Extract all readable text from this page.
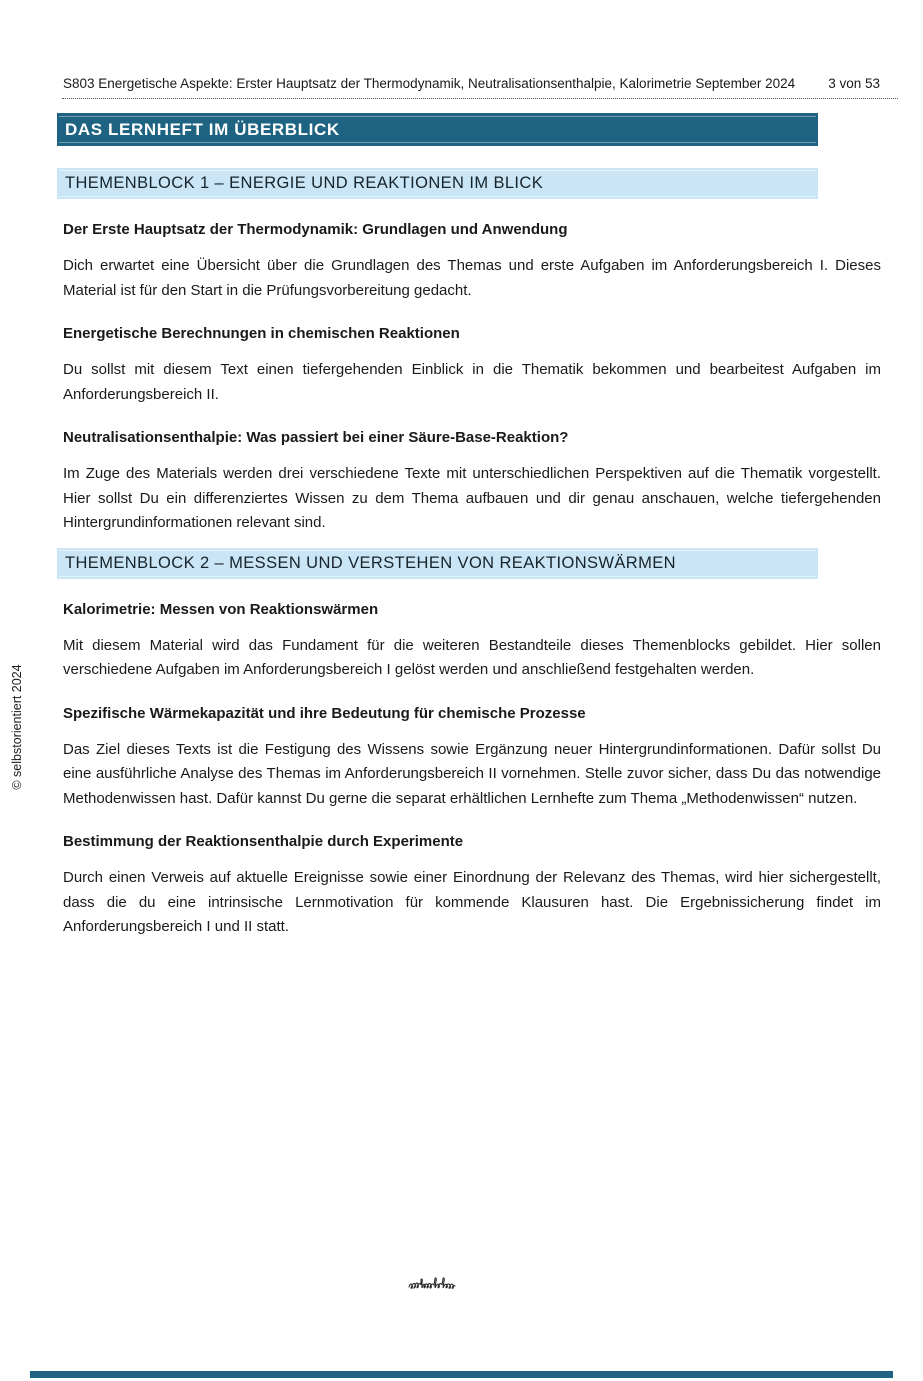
S803 Energetische Aspekte: Erster Hauptsatz der Thermodynamik, Neutralisationsenthalpie, Kalorimetrie September 2024 3 von 53
© selbstorientiert 2024
DAS LERNHEFT IM ÜBERBLICK
THEMENBLOCK 1 – ENERGIE UND REAKTIONEN IM BLICK
Der Erste Hauptsatz der Thermodynamik: Grundlagen und Anwendung

Dich erwartet eine Übersicht über die Grundlagen des Themas und erste Aufgaben im Anforderungsbereich I. Dieses Material ist für den Start in die Prüfungsvorbereitung gedacht.

Energetische Berechnungen in chemischen Reaktionen

Du sollst mit diesem Text einen tiefergehenden Einblick in die Thematik bekommen und bearbeitest Aufgaben im Anforderungsbereich II.

Neutralisationsenthalpie: Was passiert bei einer Säure-Base-Reaktion?

Im Zuge des Materials werden drei verschiedene Texte mit unterschiedlichen Perspektiven auf die Thematik vorgestellt. Hier sollst Du ein differenziertes Wissen zu dem Thema aufbauen und dir genau anschauen, welche tiefergehenden Hintergrundinformationen relevant sind.

THEMENBLOCK 2 – MESSEN UND VERSTEHEN VON REAKTIONSWÄRMEN
Kalorimetrie: Messen von Reaktionswärmen

Mit diesem Material wird das Fundament für die weiteren Bestandteile dieses Themenblocks gebildet. Hier sollen verschiedene Aufgaben im Anforderungsbereich I gelöst werden und anschließend festgehalten werden.

Spezifische Wärmekapazität und ihre Bedeutung für chemische Prozesse

Das Ziel dieses Texts ist die Festigung des Wissens sowie Ergänzung neuer Hintergrundinformationen. Dafür sollst Du eine ausführliche Analyse des Themas im Anforderungsbereich II vornehmen. Stelle zuvor sicher, dass Du das notwendige Methodenwissen hast. Dafür kannst Du gerne die separat erhältlichen Lernhefte zum Thema „Methodenwissen“ nutzen.

Bestimmung der Reaktionsenthalpie durch Experimente

Durch einen Verweis auf aktuelle Ereignisse sowie einer Einordnung der Relevanz des Themas, wird hier sichergestellt, dass die du eine intrinsische Lernmotivation für kommende Klausuren hast. Die Ergebnissicherung findet im Anforderungsbereich I und II statt.
